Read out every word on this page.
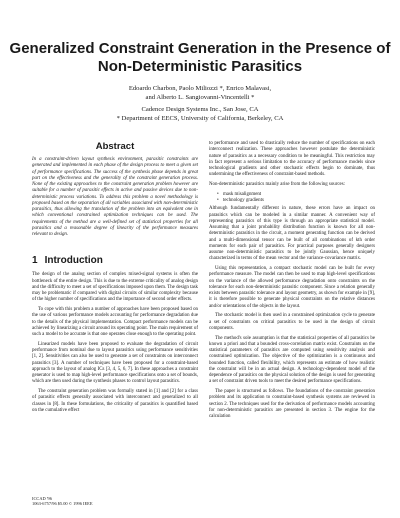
Generalized Constraint Generation in the Presence of
Non-Deterministic Parasitics
Edoardo Charbon, Paolo Miliozzi *, Enrico Malavasi,
and Alberto L. Sangiovanni-Vincentelli *
Cadence Design Systems Inc., San Jose, CA
* Department of EECS, University of California, Berkeley, CA
Abstract

In a constraint-driven layout synthesis environment, parasitic constraints are generated and implemented in each phase of the design process to meet a given set of performance specifications. The success of the synthesis phase depends in great part on the effectiveness and the generality of the constraint generation process. None of the existing approaches to the constraint generation problem however are suitable for a number of parasitic effects in active and passive devices due to non-deterministic process variations. To address this problem a novel methodology is proposed based on the separation of all variables associated with non-deterministic parasitics, thus allowing the translation of the problem into an equivalent one in which conventional constrained optimization techniques can be used. The requirements of the method are a well-defined set of statistical properties for all parasitics and a reasonable degree of linearity of the performance measures relevant to design.

1 Introduction

The design of the analog section of complex mixed-signal systems is often the bottleneck of the entire design. This is due to the extreme criticality of analog design and the difficulty to meet a set of specifications imposed upon them. The design task may be problematic if compared with digital circuits of similar complexity because of the higher number of specifications and the importance of second order effects.

To cope with this problem a number of approaches have been proposed based on the use of various performance models accounting for performance degradation due to the details of the physical implementation. Compact performance models can be achieved by linearizing a circuit around its operating point. The main requirement of such a model to be accurate is that one operates close enough to the operating point.

Linearized models have been proposed to evaluate the degradation of circuit performance from nominal due to layout parasitics using performance sensitivities [1, 2]. Sensitivities can also be used to generate a set of constraints on interconnect parasitics [3]. A number of techniques have been proposed for a constraint-based approach to the layout of analog ICs [3, 4, 5, 6, 7]. In these approaches a constraint generator is used to map high-level performance specifications onto a set of bounds, which are then used during the synthesis phases to control layout parasitics.

The constraint generation problem was formally stated in [1] and [2] for a class of parasitic effects generally associated with interconnect and generalized to all classes in [8]. In these formulations, the criticality of parasitics is quantified based on the cumulative effect

to performance and used to drastically reduce the number of specifications on each interconnect realization. These approaches however postulate the deterministic nature of parasitics as a necessary condition to be meaningful. This restriction may in fact represent a serious limitation to the accuracy of performance models since technological gradients and other stochastic effects begin to dominate, thus undermining the effectiveness of constraint-based methods.

Non-deterministic parasitics mainly arise from the following sources:

• mask misalignment
• technology gradients

Although fundamentally different in nature, these errors have an impact on parasitics which can be modeled in a similar manner. A convenient way of representing parasitics of this type is through an appropriate statistical model. Assuming that a joint probability distribution function is known for all non-deterministic parasitics in the circuit, a moment generating function can be derived and a multi-dimensional tensor can be built of all combinations of kth order moments for each pair of parasitics. For practical purposes generally designers assume non-deterministic parasitics to be jointly Gaussian, hence uniquely characterized in terms of the mean vector and the variance-covariance matrix.

Using this representation, a compact stochastic model can be built for every performance measure. The model can then be used to map high-level specifications on the variance of the allowed performance degradation onto constraints on the tolerance for each non-deterministic parasitic component. Since a relation generally exists between parasitic tolerance and layout geometry, as shown for example in [9], it is therefore possible to generate physical constraints on the relative distances and/or orientations of the objects in the layout.

The stochastic model is then used in a constrained optimization cycle to generate a set of constraints on critical parasitics to be used in the design of circuit components.

The method's sole assumption is that the statistical properties of all parasitics be known a priori and that a bounded cross-correlation matrix exist. Constraints on the statistical parameters of parasitics are computed using sensitivity analysis and constrained optimization. The objective of the optimization is a continuous and bounded function, called flexibility, which represents an estimate of how realistic the constraint will be in an actual design. A technology-dependent model of the dependence of parasitics on the physical solution of the design is used for generating a set of constraint driven tools to meet the desired performance specifications.

The paper is structured as follows. The foundations of the constraint generation problem and its application to constraint-based synthesis systems are reviewed in section 2. The techniques used for the derivation of performance models accounting for non-deterministic parasitics are presented in section 3. The engine for the calculation

ICCAD '96
1063-6757/96 $5.00 © 1996 IEEE
